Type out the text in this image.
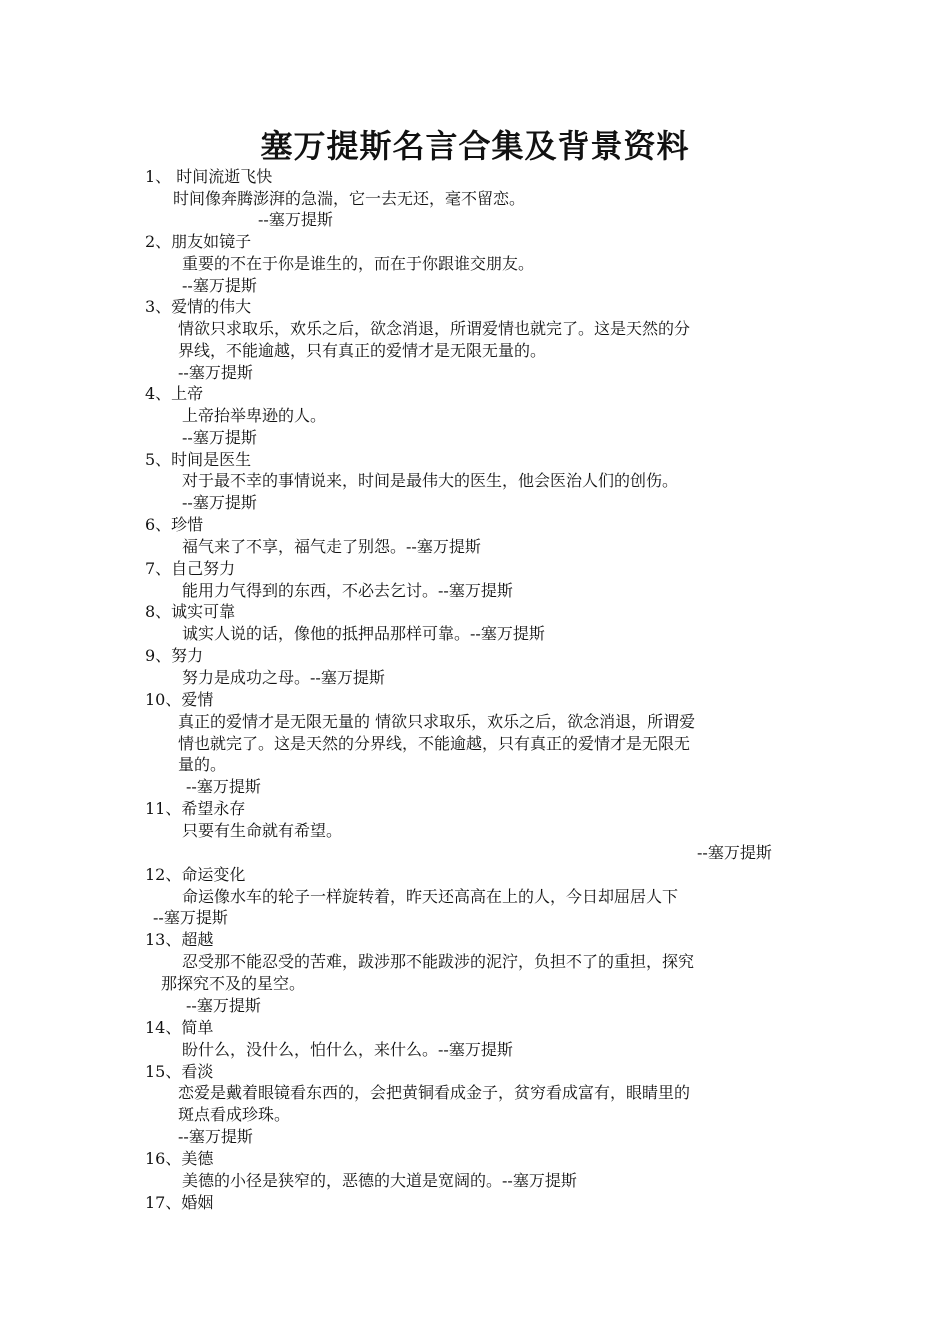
塞万提斯名言合集及背景资料
1、 时间流逝飞快
时间像奔腾澎湃的急湍，它一去无还，毫不留恋。
--塞万提斯
2、朋友如镜子
重要的不在于你是谁生的，而在于你跟谁交朋友。
--塞万提斯
3、爱情的伟大
情欲只求取乐，欢乐之后，欲念消退，所谓爱情也就完了。这是天然的分
界线，不能逾越，只有真正的爱情才是无限无量的。
--塞万提斯
4、上帝
上帝抬举卑逊的人。
--塞万提斯
5、时间是医生
对于最不幸的事情说来，时间是最伟大的医生，他会医治人们的创伤。
--塞万提斯
6、珍惜
福气来了不享，福气走了别怨。--塞万提斯
7、自己努力
能用力气得到的东西，不必去乞讨。--塞万提斯
8、诚实可靠
诚实人说的话，像他的抵押品那样可靠。--塞万提斯
9、努力
努力是成功之母。--塞万提斯
10、爱情
真正的爱情才是无限无量的 情欲只求取乐，欢乐之后，欲念消退，所谓爱
情也就完了。这是天然的分界线，不能逾越，只有真正的爱情才是无限无
量的。
--塞万提斯
11、希望永存
只要有生命就有希望。
--塞万提斯
12、命运变化
命运像水车的轮子一样旋转着，昨天还高高在上的人，今日却屈居人下
--塞万提斯
13、超越
忍受那不能忍受的苦难，跋涉那不能跋涉的泥泞，负担不了的重担，探究
那探究不及的星空。
--塞万提斯
14、简单
盼什么，没什么，怕什么，来什么。--塞万提斯
15、看淡
恋爱是戴着眼镜看东西的，会把黄铜看成金子，贫穷看成富有，眼睛里的
斑点看成珍珠。
--塞万提斯
16、美德
美德的小径是狭窄的，恶德的大道是宽阔的。--塞万提斯
17、婚姻
